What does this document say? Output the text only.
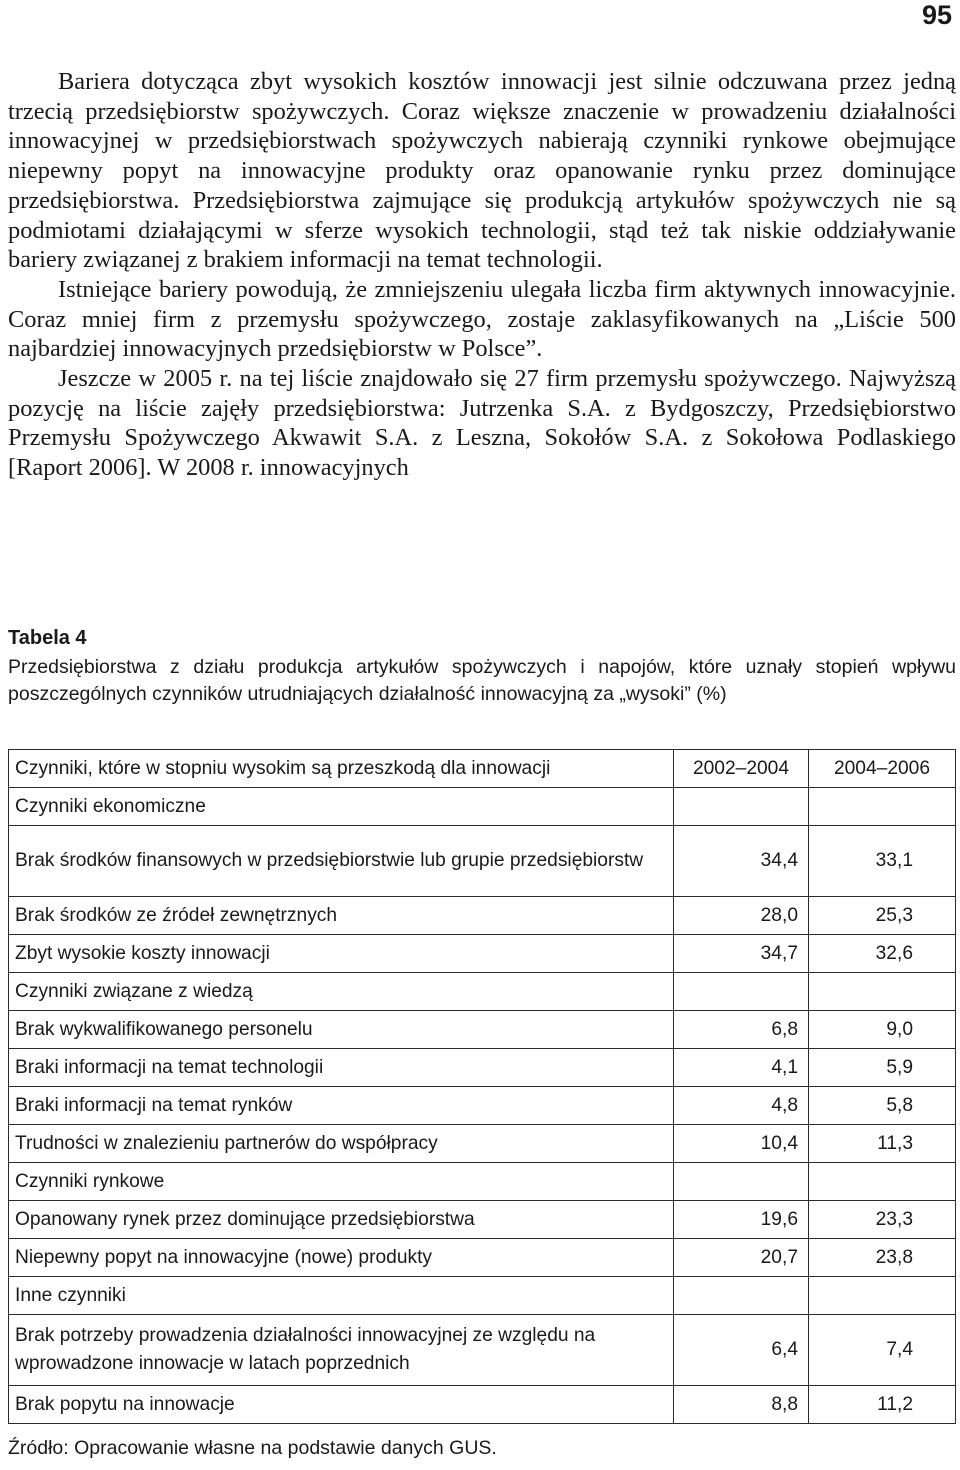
95

Bariera dotycząca zbyt wysokich kosztów innowacji jest silnie odczuwana przez jedną trzecią przedsiębiorstw spożywczych. Coraz większe znaczenie w prowadzeniu działalności innowacyjnej w przedsiębiorstwach spożywczych nabierają czynniki rynkowe obejmujące niepewny popyt na innowacyjne produkty oraz opanowanie rynku przez dominujące przedsiębiorstwa. Przedsiębiorstwa zajmujące się produkcją artykułów spożywczych nie są podmiotami działającymi w sferze wysokich technologii, stąd też tak niskie oddziaływanie bariery związanej z brakiem informacji na temat technologii.

Istniejące bariery powodują, że zmniejszeniu ulegała liczba firm aktywnych innowacyjnie. Coraz mniej firm z przemysłu spożywczego, zostaje zaklasyfikowanych na „Liście 500 najbardziej innowacyjnych przedsiębiorstw w Polsce”.

Jeszcze w 2005 r. na tej liście znajdowało się 27 firm przemysłu spożywczego. Najwyższą pozycję na liście zajęły przedsiębiorstwa: Jutrzenka S.A. z Bydgoszczy, Przedsiębiorstwo Przemysłu Spożywczego Akwawit S.A. z Leszna, Sokołów S.A. z Sokołowa Podlaskiego [Raport 2006]. W 2008 r. innowacyjnych

Tabela 4
Przedsiębiorstwa z działu produkcja artykułów spożywczych i napojów, które uznały stopień wpływu poszczególnych czynników utrudniających działalność innowacyjną za „wysoki” (%)
Czynniki, które w stopniu wysokim są przeszkodą dla innowacji	2002–2004	2004–2006
Czynniki ekonomiczne		
Brak środków finansowych w przedsiębiorstwie lub grupie przedsiębiorstw	34,4	33,1
Brak środków ze źródeł zewnętrznych	28,0	25,3
Zbyt wysokie koszty innowacji	34,7	32,6
Czynniki związane z wiedzą		
Brak wykwalifikowanego personelu	6,8	9,0
Braki informacji na temat technologii	4,1	5,9
Braki informacji na temat rynków	4,8	5,8
Trudności w znalezieniu partnerów do współpracy	10,4	11,3
Czynniki rynkowe		
Opanowany rynek przez dominujące przedsiębiorstwa	19,6	23,3
Niepewny popyt na innowacyjne (nowe) produkty	20,7	23,8
Inne czynniki		
Brak potrzeby prowadzenia działalności innowacyjnej ze względu na wprowadzone innowacje w latach poprzednich	6,4	7,4
Brak popytu na innowacje	8,8	11,2
Źródło: Opracowanie własne na podstawie danych GUS.
